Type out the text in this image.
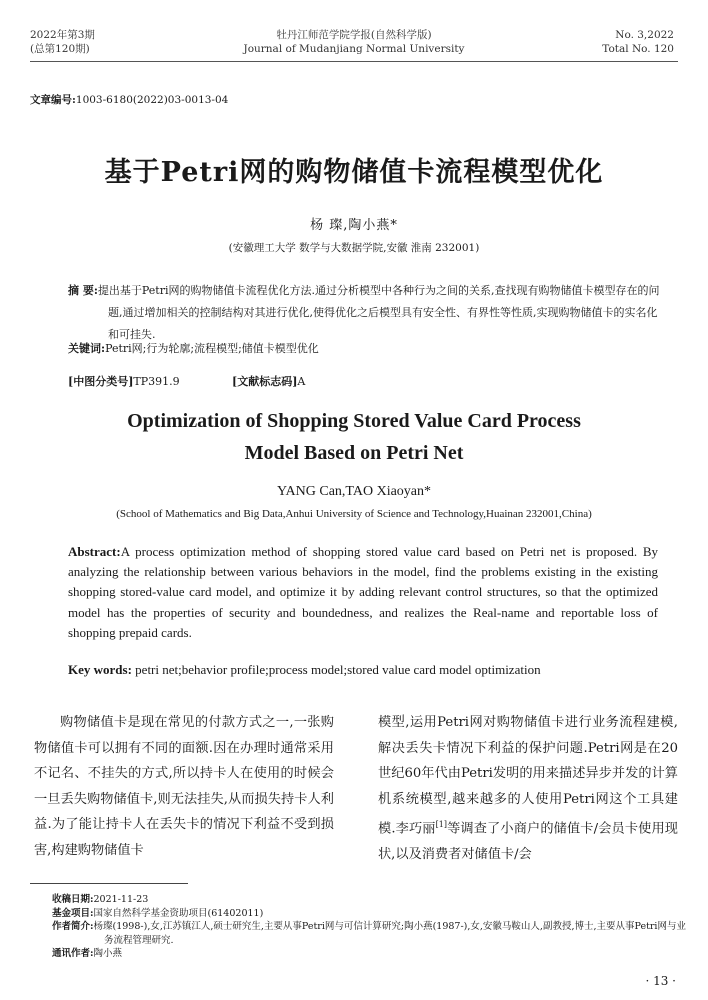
2022年第3期
(总第120期)
牡丹江师范学院学报(自然科学版)
Journal of Mudanjiang Normal University
No. 3,2022
Total No. 120
文章编号:1003-6180(2022)03-0013-04
基于Petri网的购物储值卡流程模型优化
杨 璨,陶小燕*
(安徽理工大学 数学与大数据学院,安徽 淮南 232001)
摘 要:提出基于Petri网的购物储值卡流程优化方法.通过分析模型中各种行为之间的关系,查找现有购物储值卡模型存在的问题,通过增加相关的控制结构对其进行优化,使得优化之后模型具有安全性、有界性等性质,实现购物储值卡的实名化和可挂失.
关键词:Petri网;行为轮廓;流程模型;储值卡模型优化
[中图分类号]TP391.9	[文献标志码]A
Optimization of Shopping Stored Value Card Process
Model Based on Petri Net
YANG Can,TAO Xiaoyan*
(School of Mathematics and Big Data,Anhui University of Science and Technology,Huainan 232001,China)
Abstract:A process optimization method of shopping stored value card based on Petri net is proposed. By analyzing the relationship between various behaviors in the model, find the problems existing in the existing shopping stored-value card model, and optimize it by adding relevant control structures, so that the optimized model has the properties of security and boundedness, and realizes the Real-name and reportable loss of shopping prepaid cards.
Key words: petri net;behavior profile;process model;stored value card model optimization
购物储值卡是现在常见的付款方式之一,一张购物储值卡可以拥有不同的面额.因在办理时通常采用不记名、不挂失的方式,所以持卡人在使用的时候会一旦丢失购物储值卡,则无法挂失,从而损失持卡人利益.为了能让持卡人在丢失卡的情况下利益不受到损害,构建购物储值卡
模型,运用Petri网对购物储值卡进行业务流程建模,解决丢失卡情况下利益的保护问题.Petri网是在20世纪60年代由Petri发明的用来描述异步并发的计算机系统模型,越来越多的人使用Petri网这个工具建模.李巧丽[1]等调查了小商户的储值卡/会员卡使用现状,以及消费者对储值卡/会
收稿日期:2021-11-23
基金项目:国家自然科学基金资助项目(61402011)
作者简介:杨璨(1998-),女,江苏镇江人,硕士研究生,主要从事Petri网与可信计算研究;陶小燕(1987-),女,安徽马鞍山人,副教授,博士,主要从事Petri网与业务流程管理研究.
通讯作者:陶小燕
· 13 ·
